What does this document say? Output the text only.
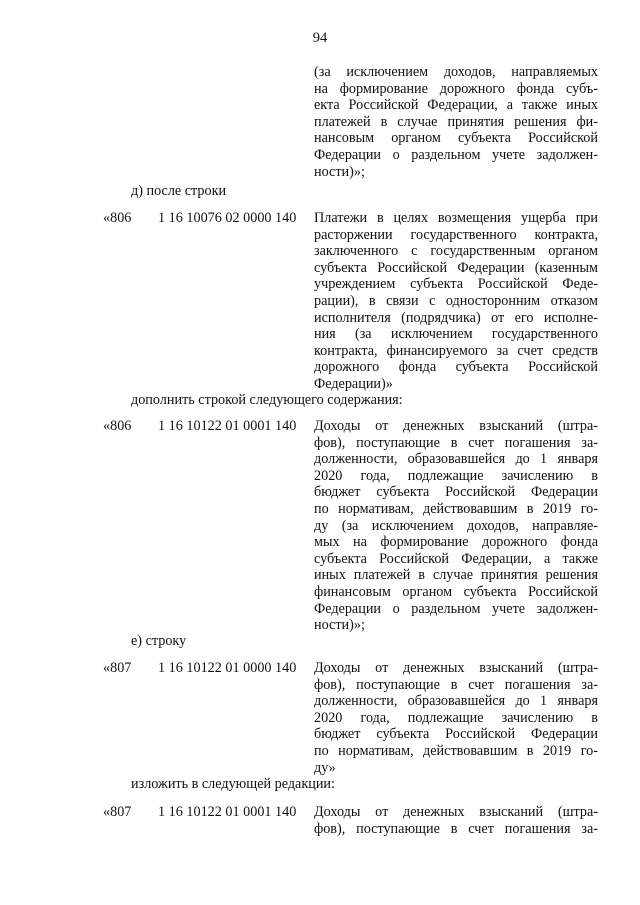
94
(за исключением доходов, направляемых
на формирование дорожного фонда субъ-
екта Российской Федерации, а также иных
платежей в случае принятия решения фи-
нансовым органом субъекта Российской
Федерации о раздельном учете задолжен-
ности)»;
д) после строки
«806 1 16 10076 02 0000 140 Платежи в целях возмещения ущерба при
расторжении государственного контракта,
заключенного с государственным органом
субъекта Российской Федерации (казенным
учреждением субъекта Российской Феде-
рации), в связи с односторонним отказом
исполнителя (подрядчика) от его исполне-
ния (за исключением государственного
контракта, финансируемого за счет средств
дорожного фонда субъекта Российской
Федерации)»
дополнить строкой следующего содержания:
«806 1 16 10122 01 0001 140 Доходы от денежных взысканий (штра-
фов), поступающие в счет погашения за-
долженности, образовавшейся до 1 января
2020 года, подлежащие зачислению в
бюджет субъекта Российской Федерации
по нормативам, действовавшим в 2019 го-
ду (за исключением доходов, направляе-
мых на формирование дорожного фонда
субъекта Российской Федерации, а также
иных платежей в случае принятия решения
финансовым органом субъекта Российской
Федерации о раздельном учете задолжен-
ности)»;
е) строку
«807 1 16 10122 01 0000 140 Доходы от денежных взысканий (штра-
фов), поступающие в счет погашения за-
долженности, образовавшейся до 1 января
2020 года, подлежащие зачислению в
бюджет субъекта Российской Федерации
по нормативам, действовавшим в 2019 го-
ду»
изложить в следующей редакции:
«807 1 16 10122 01 0001 140 Доходы от денежных взысканий (штра-
фов), поступающие в счет погашения за-
